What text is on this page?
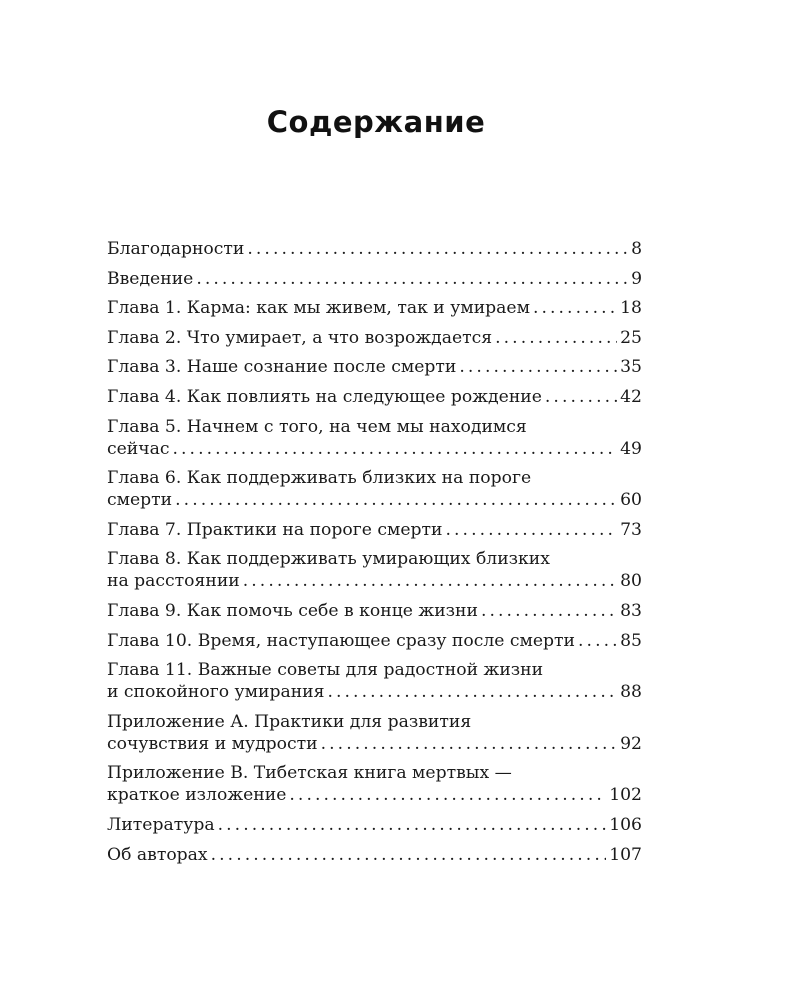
Содержание
Благодарности . . .	8
Введение . . .	9
Глава 1. Карма: как мы живем, так и умираем . . .	18
Глава 2. Что умирает, а что возрождается . . .	25
Глава 3. Наше сознание после смерти . . .	35
Глава 4. Как повлиять на следующее рождение . . .	42
Глава 5. Начнем с того, на чем мы находимся
сейчас . . .	49
Глава 6. Как поддерживать близких на пороге
смерти . . .	60
Глава 7. Практики на пороге смерти . . .	73
Глава 8. Как поддерживать умирающих близких
на расстоянии . . .	80
Глава 9. Как помочь себе в конце жизни . . .	83
Глава 10. Время, наступающее сразу после смерти . . .	85
Глава 11. Важные советы для радостной жизни
и спокойного умирания . . .	88
Приложение А. Практики для развития
сочувствия и мудрости . . .	92
Приложение В. Тибетская книга мертвых —
краткое изложение . . .	102
Литература . . .	106
Об авторах . . .	107
